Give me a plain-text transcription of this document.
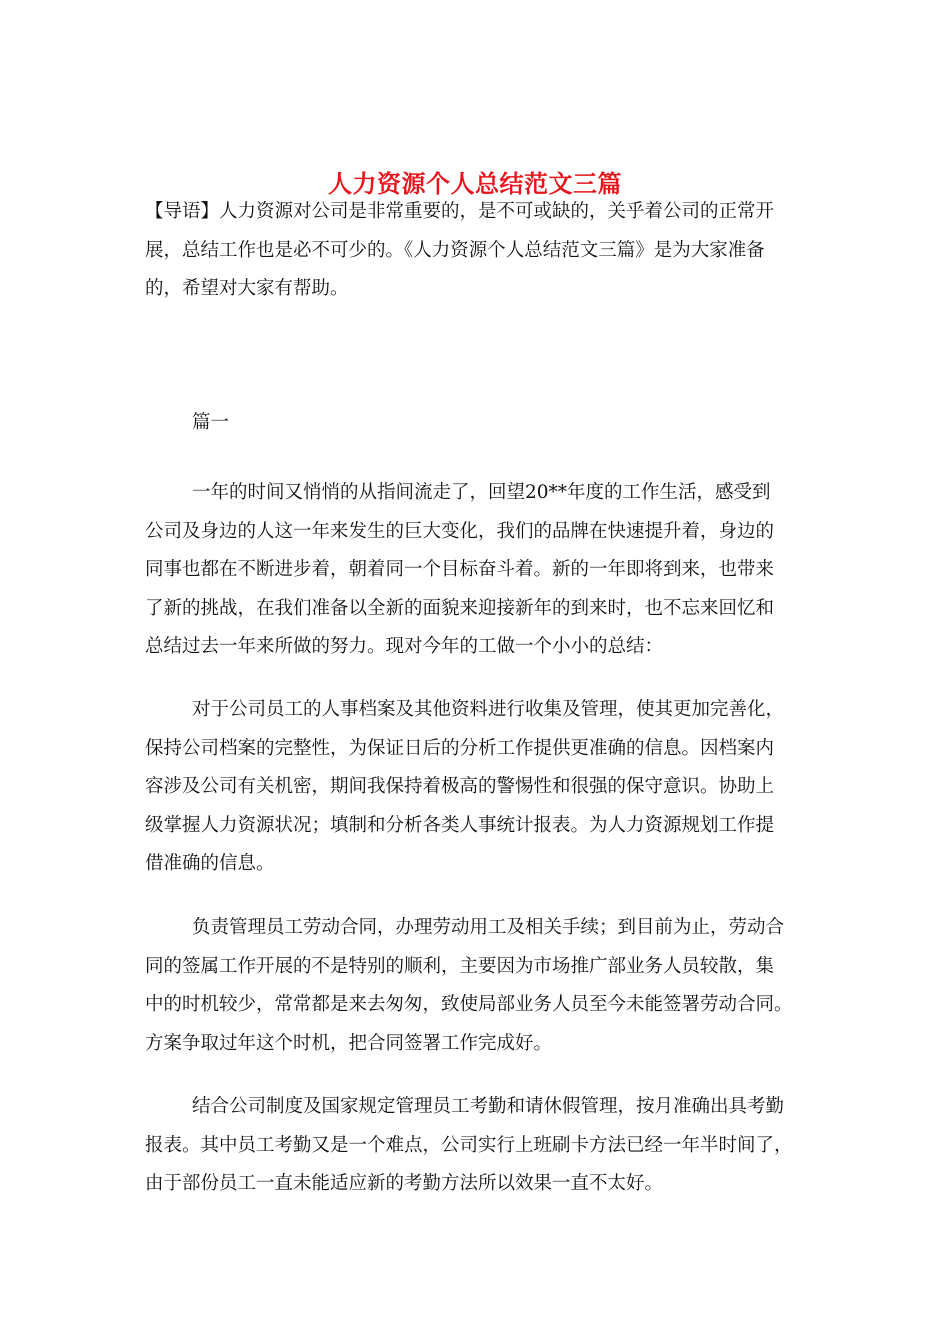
人力资源个人总结范文三篇

【导语】人力资源对公司是非常重要的，是不可或缺的，关乎着公司的正常开
展，总结工作也是必不可少的。《人力资源个人总结范文三篇》是为大家准备
的，希望对大家有帮助。

篇一

一年的时间又悄悄的从指间流走了，回望20**年度的工作生活，感受到
公司及身边的人这一年来发生的巨大变化，我们的品牌在快速提升着，身边的
同事也都在不断进步着，朝着同一个目标奋斗着。新的一年即将到来，也带来
了新的挑战，在我们准备以全新的面貌来迎接新年的到来时，也不忘来回忆和
总结过去一年来所做的努力。现对今年的工做一个小小的总结：

对于公司员工的人事档案及其他资料进行收集及管理，使其更加完善化，
保持公司档案的完整性，为保证日后的分析工作提供更准确的信息。因档案内
容涉及公司有关机密，期间我保持着极高的警惕性和很强的保守意识。协助上
级掌握人力资源状况；填制和分析各类人事统计报表。为人力资源规划工作提
借准确的信息。

负责管理员工劳动合同，办理劳动用工及相关手续；到目前为止，劳动合
同的签属工作开展的不是特别的顺利，主要因为市场推广部业务人员较散，集
中的时机较少，常常都是来去匆匆，致使局部业务人员至今未能签署劳动合同。
方案争取过年这个时机，把合同签署工作完成好。

结合公司制度及国家规定管理员工考勤和请休假管理，按月准确出具考勤
报表。其中员工考勤又是一个难点，公司实行上班刷卡方法已经一年半时间了，
由于部份员工一直未能适应新的考勤方法所以效果一直不太好。
